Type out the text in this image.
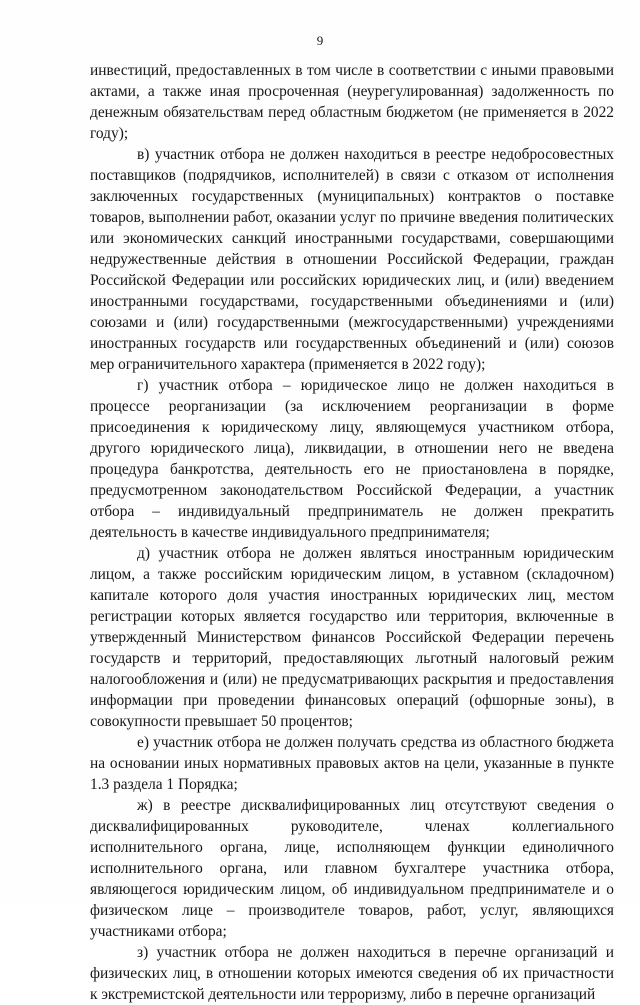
9

инвестиций, предоставленных в том числе в соответствии с иными правовыми актами, а также иная просроченная (неурегулированная) задолженность по денежным обязательствам перед областным бюджетом (не применяется в 2022 году);

в) участник отбора не должен находиться в реестре недобросовестных поставщиков (подрядчиков, исполнителей) в связи с отказом от исполнения заключенных государственных (муниципальных) контрактов о поставке товаров, выполнении работ, оказании услуг по причине введения политических или экономических санкций иностранными государствами, совершающими недружественные действия в отношении Российской Федерации, граждан Российской Федерации или российских юридических лиц, и (или) введением иностранными государствами, государственными объединениями и (или) союзами и (или) государственными (межгосударственными) учреждениями иностранных государств или государственных объединений и (или) союзов мер ограничительного характера (применяется в 2022 году);

г) участник отбора – юридическое лицо не должен находиться в процессе реорганизации (за исключением реорганизации в форме присоединения к юридическому лицу, являющемуся участником отбора, другого юридического лица), ликвидации, в отношении него не введена процедура банкротства, деятельность его не приостановлена в порядке, предусмотренном законодательством Российской Федерации, а участник отбора – индивидуальный предприниматель не должен прекратить деятельность в качестве индивидуального предпринимателя;

д) участник отбора не должен являться иностранным юридическим лицом, а также российским юридическим лицом, в уставном (складочном) капитале которого доля участия иностранных юридических лиц, местом регистрации которых является государство или территория, включенные в утвержденный Министерством финансов Российской Федерации перечень государств и территорий, предоставляющих льготный налоговый режим налогообложения и (или) не предусматривающих раскрытия и предоставления информации при проведении финансовых операций (офшорные зоны), в совокупности превышает 50 процентов;

е) участник отбора не должен получать средства из областного бюджета на основании иных нормативных правовых актов на цели, указанные в пункте 1.3 раздела 1 Порядка;

ж) в реестре дисквалифицированных лиц отсутствуют сведения о дисквалифицированных руководителе, членах коллегиального исполнительного органа, лице, исполняющем функции единоличного исполнительного органа, или главном бухгалтере участника отбора, являющегося юридическим лицом, об индивидуальном предпринимателе и о физическом лице – производителе товаров, работ, услуг, являющихся участниками отбора;

з) участник отбора не должен находиться в перечне организаций и физических лиц, в отношении которых имеются сведения об их причастности к экстремистской деятельности или терроризму, либо в перечне организаций
